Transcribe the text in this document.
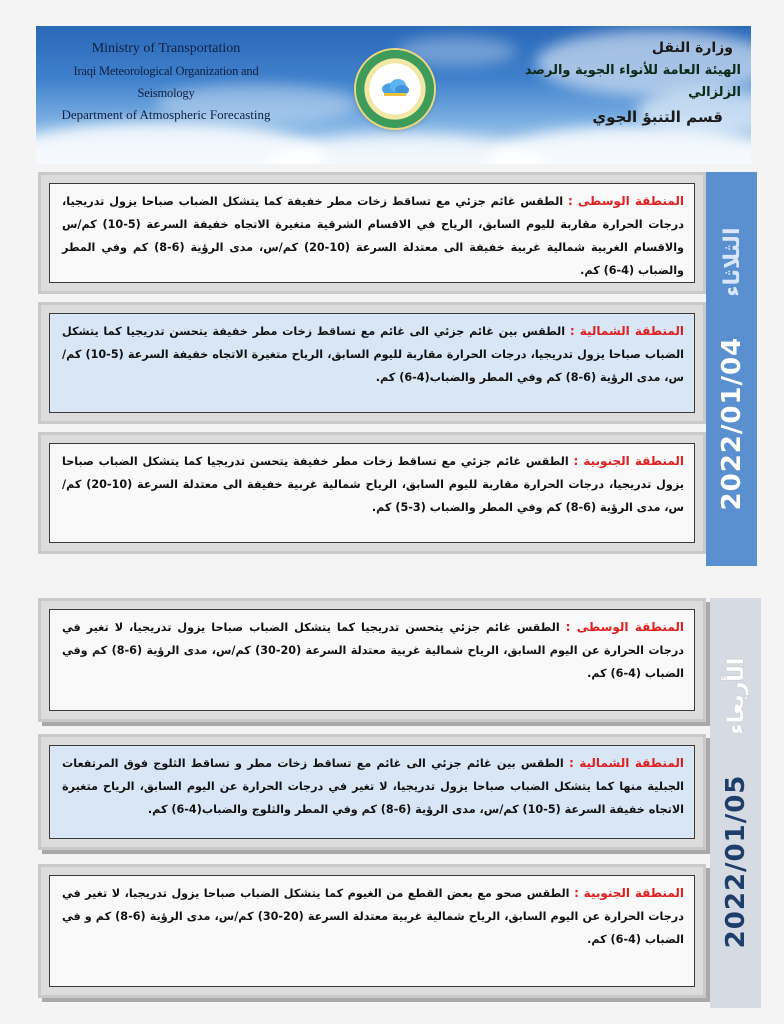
Ministry of Transportation
Iraqi Meteorological Organization and Seismology
Department of Atmospheric Forecasting
وزارة النقل
الهيئة العامة للأنواء الجوية والرصد الزلزالي
قسم التنبؤ الجوي
2022/01/04
الثلاثاء
المنطقة الوسطى : الطقس غائم جزئي مع تساقط زخات مطر خفيفة كما يتشكل الضباب صباحا يزول تدريجيا، درجات الحرارة مقاربة لليوم السابق، الرياح في الاقسام الشرقية متغيرة الاتجاه خفيفة السرعة (5-10) كم/س والاقسام الغربية شمالية غربية خفيفة الى معتدلة السرعة (10-20) كم/س، مدى الرؤية (6-8) كم وفي المطر والضباب (4-6) كم.
المنطقة الشمالية : الطقس بين غائم جزئي الى غائم مع تساقط زخات مطر خفيفة يتحسن تدريجيا كما يتشكل الضباب صباحا يزول تدريجيا، درجات الحرارة مقاربة لليوم السابق، الرياح متغيرة الاتجاه خفيفة السرعة (5-10) كم/س، مدى الرؤية (6-8) كم وفي المطر والضباب(4-6) كم.
المنطقة الجنوبية : الطقس غائم جزئي مع تساقط زخات مطر خفيفة يتحسن تدريجيا كما يتشكل الضباب صباحا يزول تدريجيا، درجات الحرارة مقاربة لليوم السابق، الرياح شمالية غربية خفيفة الى معتدلة السرعة (10-20) كم/س، مدى الرؤية (6-8) كم وفي المطر والضباب (3-5) كم.
2022/01/05
الأربعاء
المنطقة الوسطى : الطقس غائم جزئي يتحسن تدريجيا كما يتشكل الضباب صباحا يزول تدريجيا، لا تغير في درجات الحرارة عن اليوم السابق، الرياح شمالية غربية معتدلة السرعة (20-30) كم/س، مدى الرؤية (6-8) كم وفي الضباب (4-6) كم.
المنطقة الشمالية : الطقس بين غائم جزئي الى غائم مع تساقط زخات مطر و تساقط الثلوج فوق المرتفعات الجبلية منها كما يتشكل الضباب صباحا يزول تدريجيا، لا تغير في درجات الحرارة عن اليوم السابق، الرياح متغيرة الاتجاه خفيفة السرعة (5-10) كم/س، مدى الرؤية (6-8) كم وفي المطر والثلوج والضباب(4-6) كم.
المنطقة الجنوبية : الطقس صحو مع بعض القطع من الغيوم كما يتشكل الضباب صباحا يزول تدريجيا، لا تغير في درجات الحرارة عن اليوم السابق، الرياح شمالية غربية معتدلة السرعة (20-30) كم/س، مدى الرؤية (6-8) كم و في الضباب (4-6) كم.
